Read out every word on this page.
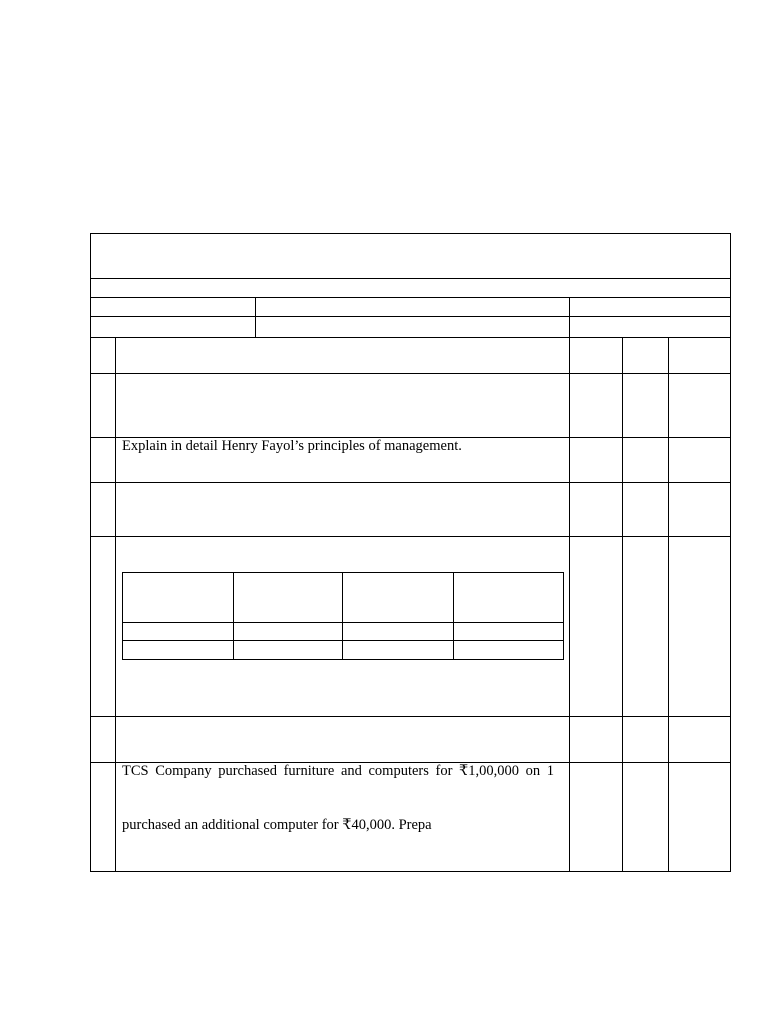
Explain in detail Henry Fayol’s principles of management.
TCS Company purchased furniture and computers for ₹1,00,000 on 1
purchased an additional computer for ₹40,000. Prepa
